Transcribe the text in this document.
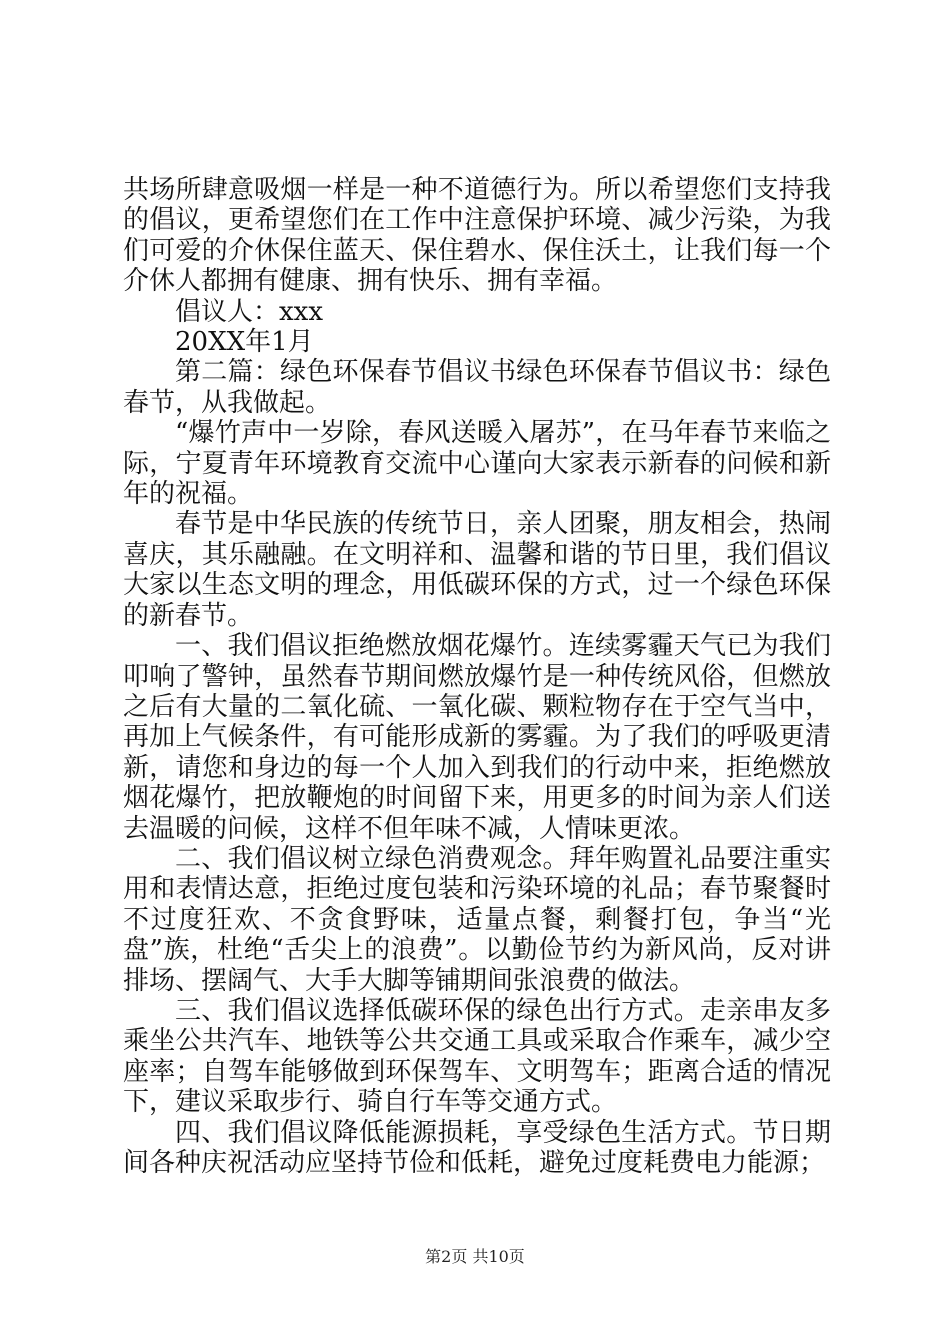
共场所肆意吸烟一样是一种不道德行为。所以希望您们支持我的倡议，更希望您们在工作中注意保护环境、减少污染，为我们可爱的介休保住蓝天、保住碧水、保住沃土，让我们每一个介休人都拥有健康、拥有快乐、拥有幸福。

倡议人：xxx

20XX年1月

第二篇：绿色环保春节倡议书绿色环保春节倡议书：绿色春节，从我做起。

“爆竹声中一岁除，春风送暖入屠苏”，在马年春节来临之际，宁夏青年环境教育交流中心谨向大家表示新春的问候和新年的祝福。

春节是中华民族的传统节日，亲人团聚，朋友相会，热闹喜庆，其乐融融。在文明祥和、温馨和谐的节日里，我们倡议大家以生态文明的理念，用低碳环保的方式，过一个绿色环保的新春节。

一、我们倡议拒绝燃放烟花爆竹。连续雾霾天气已为我们叩响了警钟，虽然春节期间燃放爆竹是一种传统风俗，但燃放之后有大量的二氧化硫、一氧化碳、颗粒物存在于空气当中，再加上气候条件，有可能形成新的雾霾。为了我们的呼吸更清新，请您和身边的每一个人加入到我们的行动中来，拒绝燃放烟花爆竹，把放鞭炮的时间留下来，用更多的时间为亲人们送去温暖的问候，这样不但年味不减，人情味更浓。

二、我们倡议树立绿色消费观念。拜年购置礼品要注重实用和表情达意，拒绝过度包装和污染环境的礼品；春节聚餐时不过度狂欢、不贪食野味，适量点餐，剩餐打包，争当“光盘”族，杜绝“舌尖上的浪费”。以勤俭节约为新风尚，反对讲排场、摆阔气、大手大脚等铺期间张浪费的做法。

三、我们倡议选择低碳环保的绿色出行方式。走亲串友多乘坐公共汽车、地铁等公共交通工具或采取合作乘车，减少空座率；自驾车能够做到环保驾车、文明驾车；距离合适的情况下，建议采取步行、骑自行车等交通方式。

四、我们倡议降低能源损耗，享受绿色生活方式。节日期间各种庆祝活动应坚持节俭和低耗，避免过度耗费电力能源；

第2页 共10页
